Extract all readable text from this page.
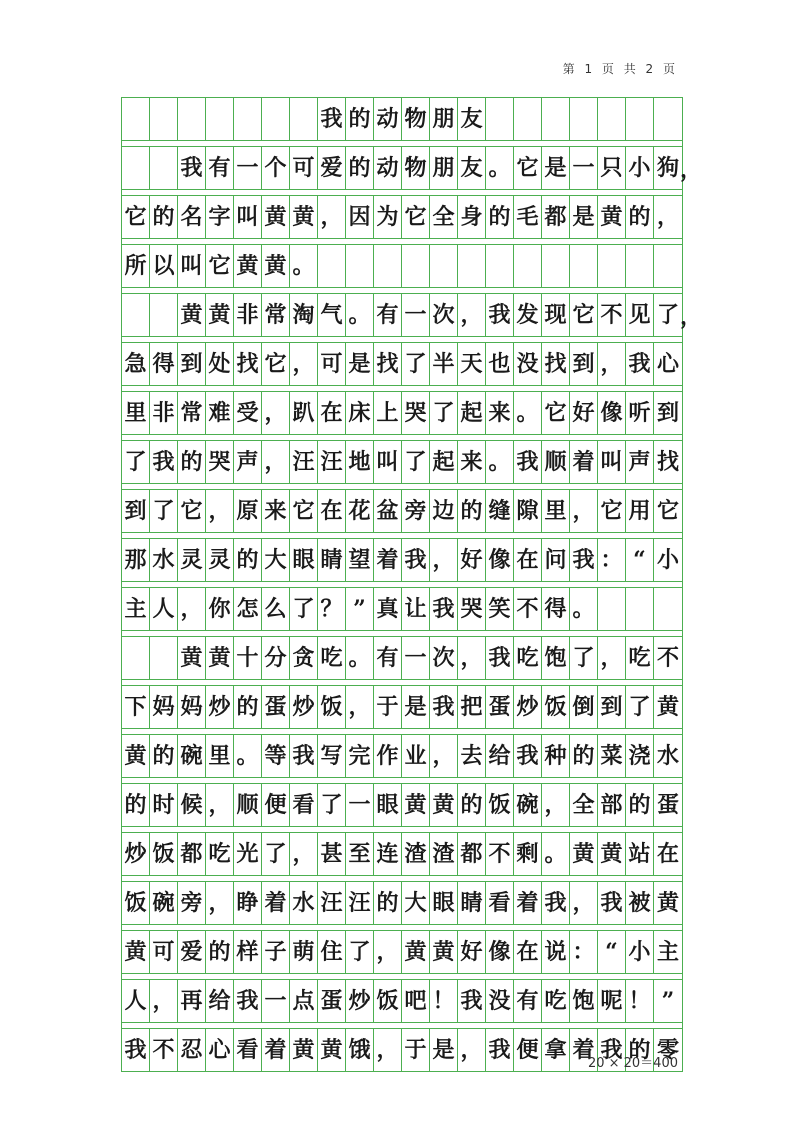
第 1 页 共 2 页
我 的 动 物 朋 友
我 有 一 个 可 爱 的 动 物 朋 友 。 它 是 一 只 小 狗 ，
它 的 名 字 叫 黄 黄 ， 因 为 它 全 身 的 毛 都 是 黄 的 ，
所 以 叫 它 黄 黄 。
黄 黄 非 常 淘 气 。 有 一 次 ， 我 发 现 它 不 见 了 ，
急 得 到 处 找 它 ， 可 是 找 了 半 天 也 没 找 到 ， 我 心
里 非 常 难 受 ， 趴 在 床 上 哭 了 起 来 。 它 好 像 听 到
了 我 的 哭 声 ， 汪 汪 地 叫 了 起 来 。 我 顺 着 叫 声 找
到 了 它 ， 原 来 它 在 花 盆 旁 边 的 缝 隙 里 ， 它 用 它
那 水 灵 灵 的 大 眼 睛 望 着 我 ， 好 像 在 问 我 ： “ 小
主 人 ， 你 怎 么 了 ？ ” 真 让 我 哭 笑 不 得 。
黄 黄 十 分 贪 吃 。 有 一 次 ， 我 吃 饱 了 ， 吃 不
下 妈 妈 炒 的 蛋 炒 饭 ， 于 是 我 把 蛋 炒 饭 倒 到 了 黄
黄 的 碗 里 。 等 我 写 完 作 业 ， 去 给 我 种 的 菜 浇 水
的 时 候 ， 顺 便 看 了 一 眼 黄 黄 的 饭 碗 ， 全 部 的 蛋
炒 饭 都 吃 光 了 ， 甚 至 连 渣 渣 都 不 剩 。 黄 黄 站 在
饭 碗 旁 ， 睁 着 水 汪 汪 的 大 眼 睛 看 着 我 ， 我 被 黄
黄 可 爱 的 样 子 萌 住 了 ， 黄 黄 好 像 在 说 ： “ 小 主
人 ， 再 给 我 一 点 蛋 炒 饭 吧 ！ 我 没 有 吃 饱 呢 ！ ”
我 不 忍 心 看 着 黄 黄 饿 ， 于 是 ， 我 便 拿 着 我 的 零
20 × 20＝400
